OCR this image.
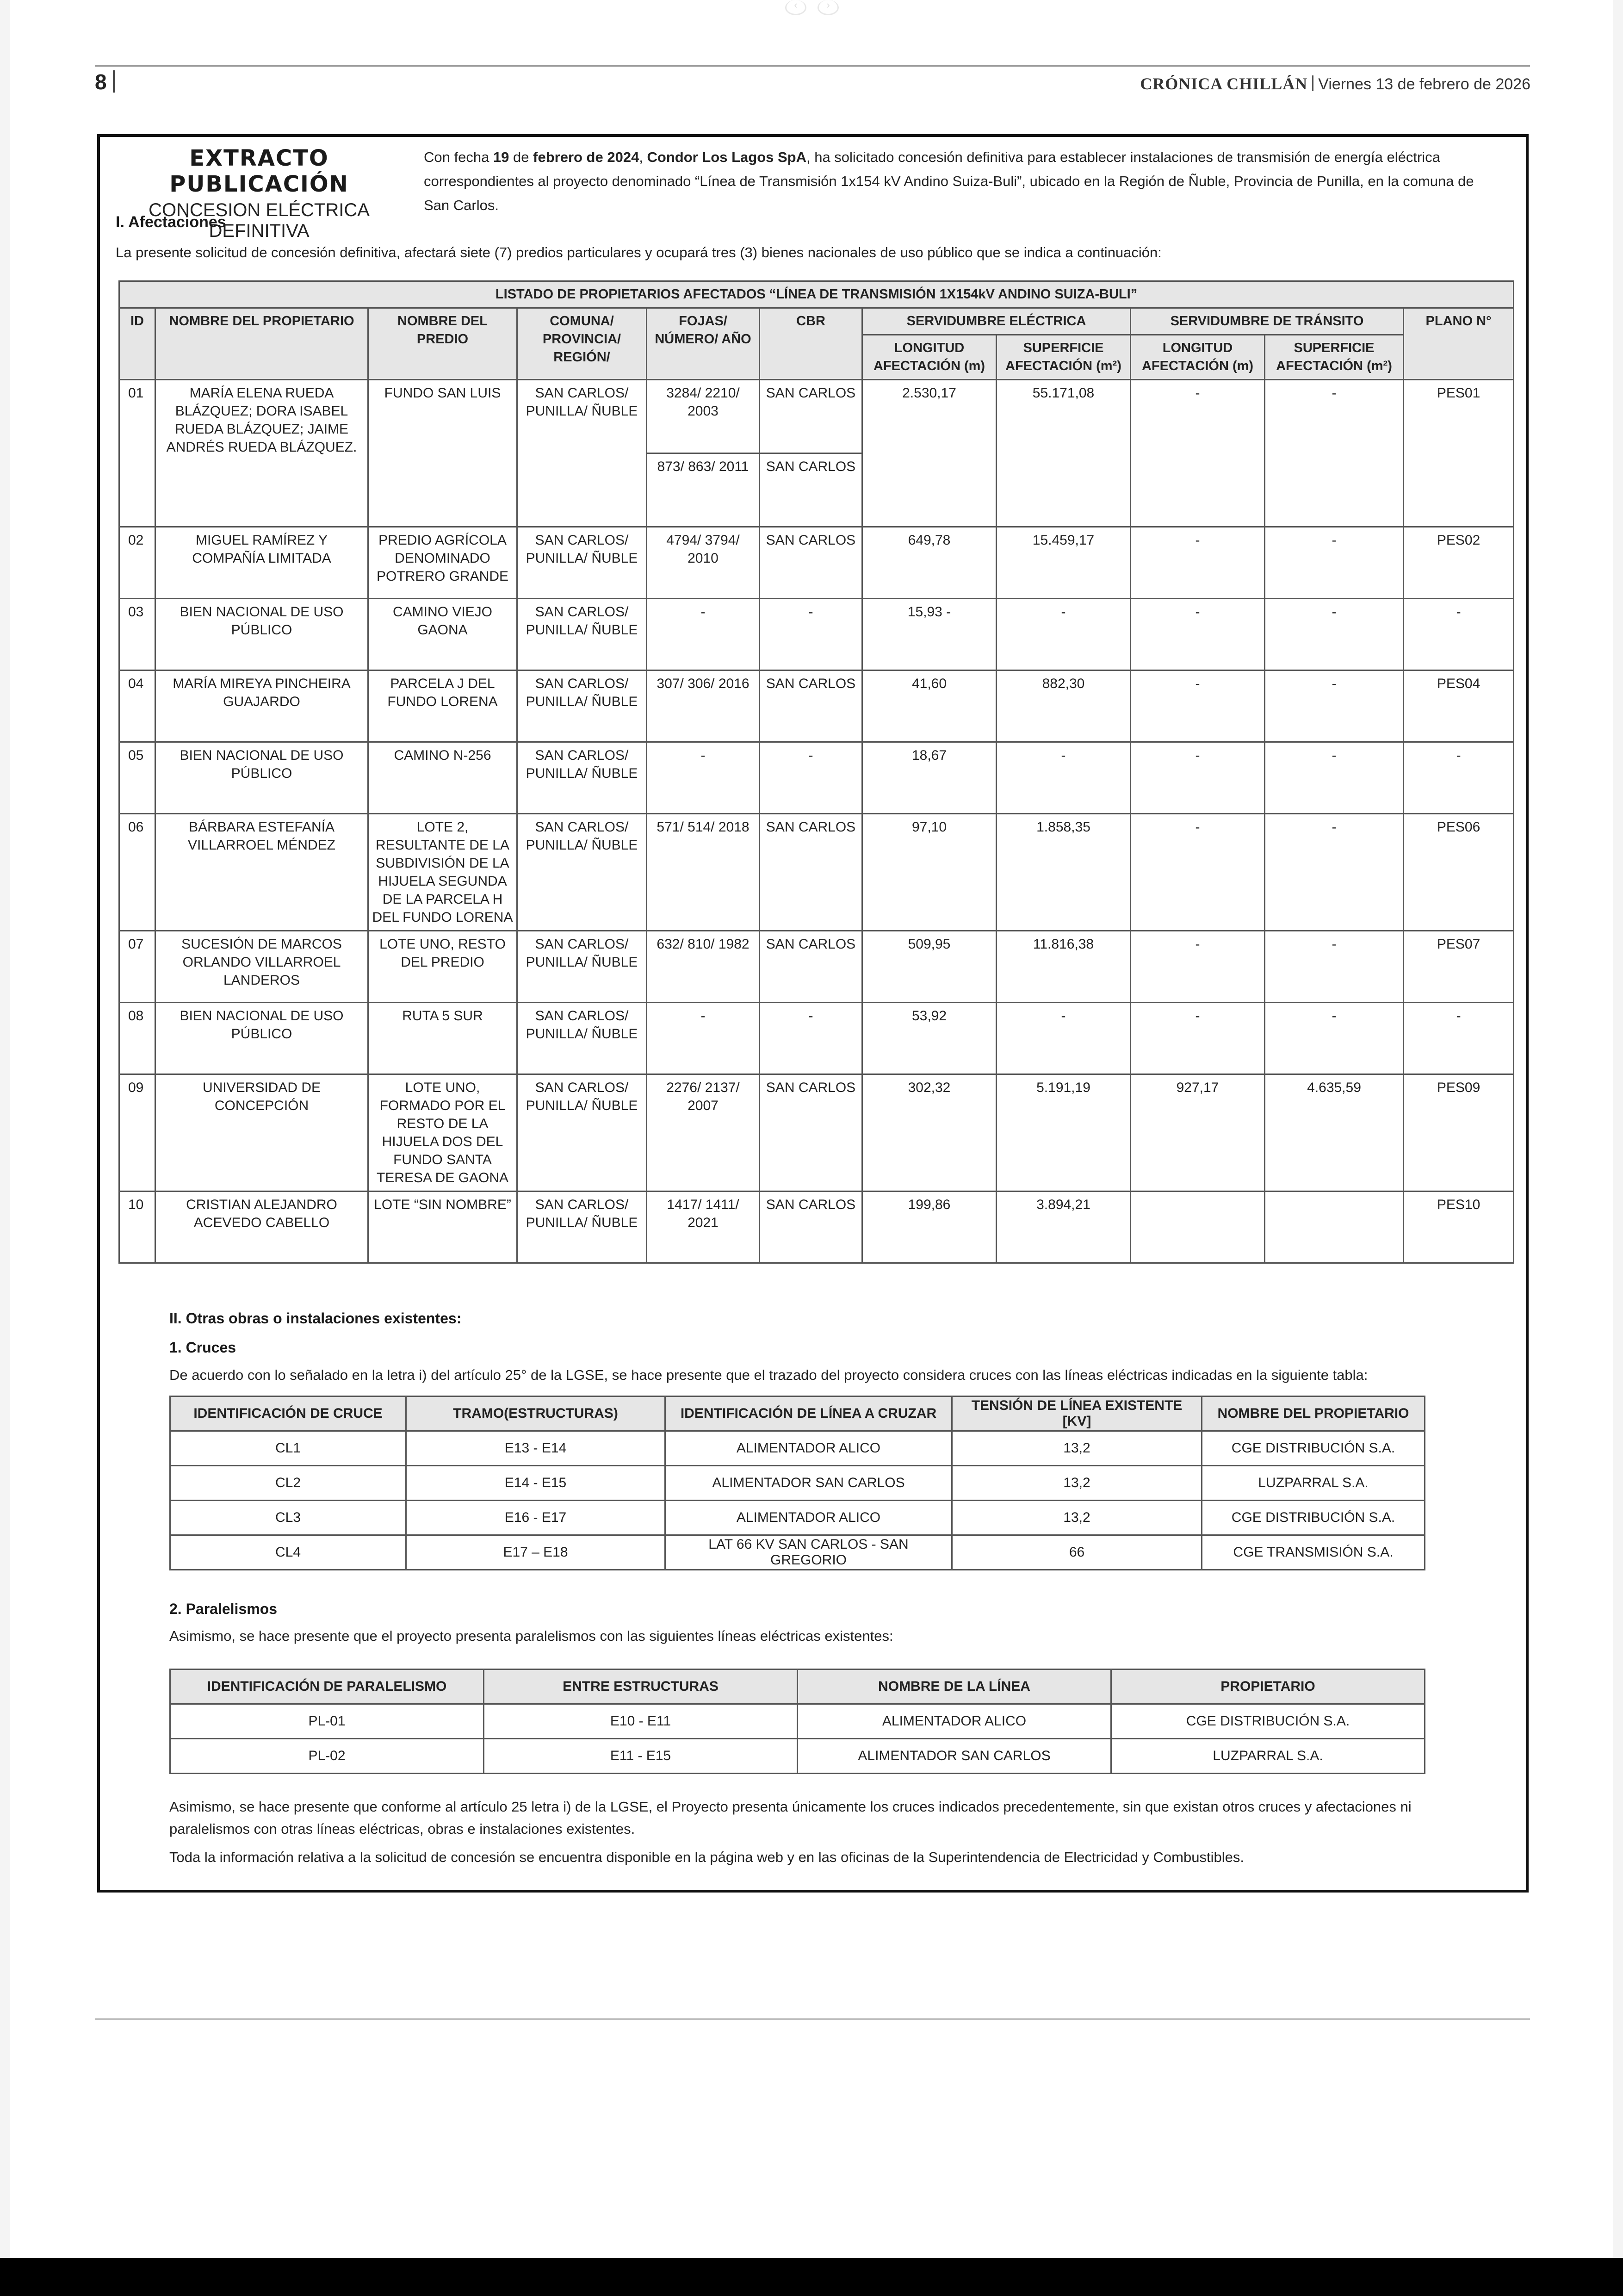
‹	›
8	CRÓNICA CHILLÁN Viernes 13 de febrero de 2026
EXTRACTO PUBLICACIÓN
CONCESION ELÉCTRICA DEFINITIVA
Con fecha 19 de febrero de 2024, Condor Los Lagos SpA, ha solicitado concesión definitiva para establecer instalaciones de transmisión de energía eléctrica correspondientes al proyecto denominado “Línea de Transmisión 1x154 kV Andino Suiza-Buli”, ubicado en la Región de Ñuble, Provincia de Punilla, en la comuna de San Carlos.
I. Afectaciones
La presente solicitud de concesión definitiva, afectará siete (7) predios particulares y ocupará tres (3) bienes nacionales de uso público que se indica a continuación:
LISTADO DE PROPIETARIOS AFECTADOS “LÍNEA DE TRANSMISIÓN 1X154kV ANDINO SUIZA-BULI”										
ID	NOMBRE DEL PROPIETARIO	NOMBRE DEL PREDIO	COMUNA/ PROVINCIA/ REGIÓN/	FOJAS/ NÚMERO/ AÑO	CBR	SERVIDUMBRE ELÉCTRICA		SERVIDUMBRE DE TRÁNSITO		PLANO N°
						LONGITUD AFECTACIÓN (m)	SUPERFICIE AFECTACIÓN (m²)	LONGITUD AFECTACIÓN (m)	SUPERFICIE AFECTACIÓN (m²)	
01	MARÍA ELENA RUEDA BLÁZQUEZ; DORA ISABEL RUEDA BLÁZQUEZ; JAIME ANDRÉS RUEDA BLÁZQUEZ.	FUNDO SAN LUIS	SAN CARLOS/ PUNILLA/ ÑUBLE	3284/ 2210/ 2003	SAN CARLOS	2.530,17	55.171,08	-	-	PES01
				873/ 863/ 2011	SAN CARLOS					
02	MIGUEL RAMÍREZ Y COMPAÑÍA LIMITADA	PREDIO AGRÍCOLA DENOMINADO POTRERO GRANDE	SAN CARLOS/ PUNILLA/ ÑUBLE	4794/ 3794/ 2010	SAN CARLOS	649,78	15.459,17	-	-	PES02
03	BIEN NACIONAL DE USO PÚBLICO	CAMINO VIEJO GAONA	SAN CARLOS/ PUNILLA/ ÑUBLE	-	-	15,93 -	-	-	-	-
04	MARÍA MIREYA PINCHEIRA GUAJARDO	PARCELA J DEL FUNDO LORENA	SAN CARLOS/ PUNILLA/ ÑUBLE	307/ 306/ 2016	SAN CARLOS	41,60	882,30	-	-	PES04
05	BIEN NACIONAL DE USO PÚBLICO	CAMINO N-256	SAN CARLOS/ PUNILLA/ ÑUBLE	-	-	18,67	-	-	-	-
06	BÁRBARA ESTEFANÍA VILLARROEL MÉNDEZ	LOTE 2, RESULTANTE DE LA SUBDIVISIÓN DE LA HIJUELA SEGUNDA DE LA PARCELA H DEL FUNDO LORENA	SAN CARLOS/ PUNILLA/ ÑUBLE	571/ 514/ 2018	SAN CARLOS	97,10	1.858,35	-	-	PES06
07	SUCESIÓN DE MARCOS ORLANDO VILLARROEL LANDEROS	LOTE UNO, RESTO DEL PREDIO	SAN CARLOS/ PUNILLA/ ÑUBLE	632/ 810/ 1982	SAN CARLOS	509,95	11.816,38	-	-	PES07
08	BIEN NACIONAL DE USO PÚBLICO	RUTA 5 SUR	SAN CARLOS/ PUNILLA/ ÑUBLE	-	-	53,92	-	-	-	-
09	UNIVERSIDAD DE CONCEPCIÓN	LOTE UNO, FORMADO POR EL RESTO DE LA HIJUELA DOS DEL FUNDO SANTA TERESA DE GAONA	SAN CARLOS/ PUNILLA/ ÑUBLE	2276/ 2137/ 2007	SAN CARLOS	302,32	5.191,19	927,17	4.635,59	PES09
10	CRISTIAN ALEJANDRO ACEVEDO CABELLO	LOTE “SIN NOMBRE”	SAN CARLOS/ PUNILLA/ ÑUBLE	1417/ 1411/ 2021	SAN CARLOS	199,86	3.894,21			PES10
II. Otras obras o instalaciones existentes:
1. Cruces
De acuerdo con lo señalado en la letra i) del artículo 25° de la LGSE, se hace presente que el trazado del proyecto considera cruces con las líneas eléctricas indicadas en la siguiente tabla:
IDENTIFICACIÓN DE CRUCE	TRAMO(ESTRUCTURAS)	IDENTIFICACIÓN DE LÍNEA A CRUZAR	TENSIÓN DE LÍNEA EXISTENTE [KV]	NOMBRE DEL PROPIETARIO
CL1	E13 - E14	ALIMENTADOR ALICO	13,2	CGE DISTRIBUCIÓN S.A.
CL2	E14 - E15	ALIMENTADOR SAN CARLOS	13,2	LUZPARRAL S.A.
CL3	E16 - E17	ALIMENTADOR ALICO	13,2	CGE DISTRIBUCIÓN S.A.
CL4	E17 – E18	LAT 66 KV SAN CARLOS - SAN GREGORIO	66	CGE TRANSMISIÓN S.A.
2. Paralelismos
Asimismo, se hace presente que el proyecto presenta paralelismos con las siguientes líneas eléctricas existentes:
IDENTIFICACIÓN DE PARALELISMO	ENTRE ESTRUCTURAS	NOMBRE DE LA LÍNEA	PROPIETARIO
PL-01	E10 - E11	ALIMENTADOR ALICO	CGE DISTRIBUCIÓN S.A.
PL-02	E11 - E15	ALIMENTADOR SAN CARLOS	LUZPARRAL S.A.
Asimismo, se hace presente que conforme al artículo 25 letra i) de la LGSE, el Proyecto presenta únicamente los cruces indicados precedentemente, sin que existan otros cruces y afectaciones ni paralelismos con otras líneas eléctricas, obras e instalaciones existentes.
Toda la información relativa a la solicitud de concesión se encuentra disponible en la página web y en las oficinas de la Superintendencia de Electricidad y Combustibles.
